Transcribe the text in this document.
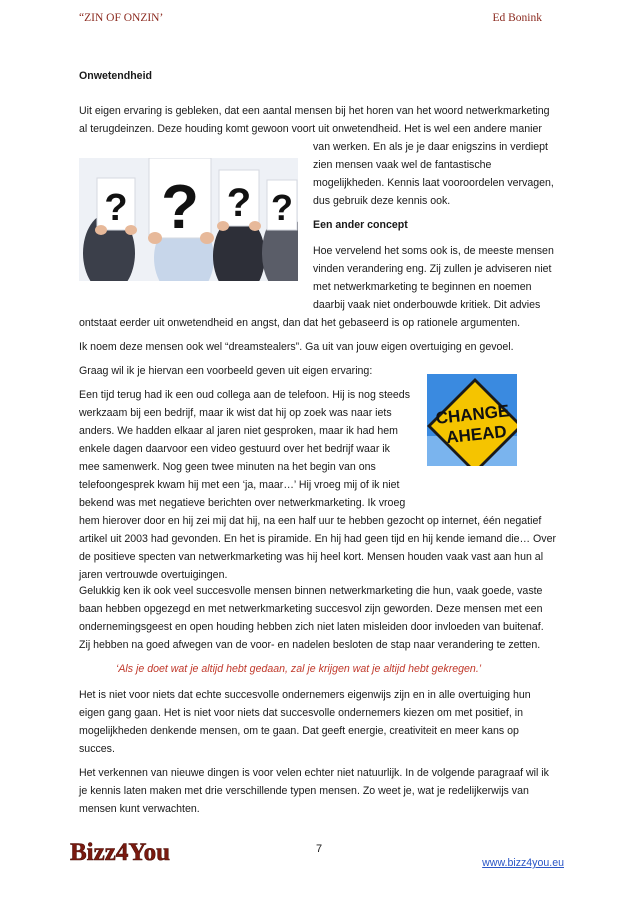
“ZIN OF ONZIN’	Ed Bonink
Onwetendheid
Uit eigen ervaring is gebleken, dat een aantal mensen bij het horen van het woord netwerkmarketing
al terugdeinzen. Deze houding komt gewoon voort uit onwetendheid. Het is wel een andere manier
van werken. En als je je daar enigszins in verdiept
zien mensen vaak wel de fantastische
mogelijkheden. Kennis laat vooroordelen vervagen,
dus gebruik deze kennis ook.
? ? ? ? Een ander concept
Hoe vervelend het soms ook is, de meeste mensen
vinden verandering eng. Zij zullen je adviseren niet
met netwerkmarketing te beginnen en noemen
daarbij vaak niet onderbouwde kritiek. Dit advies
ontstaat eerder uit onwetendheid en angst, dan dat het gebaseerd is op rationele argumenten.
Ik noem deze mensen ook wel “dreamstealers”. Ga uit van jouw eigen overtuiging en gevoel.
Graag wil ik je hiervan een voorbeeld geven uit eigen ervaring:
Een tijd terug had ik een oud collega aan de telefoon. Hij is nog steeds
werkzaam bij een bedrijf, maar ik wist dat hij op zoek was naar iets
anders. We hadden elkaar al jaren niet gesproken, maar ik had hem
enkele dagen daarvoor een video gestuurd over het bedrijf waar ik
mee samenwerk. Nog geen twee minuten na het begin van ons
telefoongesprek kwam hij met een ‘ja, maar…’ Hij vroeg mij of ik niet
bekend was met negatieve berichten over netwerkmarketing. Ik vroeg
hem hierover door en hij zei mij dat hij, na een half uur te hebben gezocht op internet, één negatief
artikel uit 2003 had gevonden. En het is piramide. En hij had geen tijd en hij kende iemand die… Over
de positieve specten van netwerkmarketing was hij heel kort. Mensen houden vaak vast aan hun al
jaren vertrouwde overtuigingen.
CHANGE
AHEAD
Gelukkig ken ik ook veel succesvolle mensen binnen netwerkmarketing die hun, vaak goede, vaste
baan hebben opgezegd en met netwerkmarketing succesvol zijn geworden. Deze mensen met een
ondernemingsgeest en open houding hebben zich niet laten misleiden door invloeden van buitenaf.
Zij hebben na goed afwegen van de voor- en nadelen besloten de stap naar verandering te zetten.
‘Als je doet wat je altijd hebt gedaan, zal je krijgen wat je altijd hebt gekregen.’
Het is niet voor niets dat echte succesvolle ondernemers eigenwijs zijn en in alle overtuiging hun
eigen gang gaan. Het is niet voor niets dat succesvolle ondernemers kiezen om met positief, in
mogelijkheden denkende mensen, om te gaan. Dat geeft energie, creativiteit en meer kans op
succes.
Het verkennen van nieuwe dingen is voor velen echter niet natuurlijk. In de volgende paragraaf wil ik
je kennis laten maken met drie verschillende typen mensen. Zo weet je, wat je redelijkerwijs van
mensen kunt verwachten.
Bizz4You	7
www.bizz4you.eu
